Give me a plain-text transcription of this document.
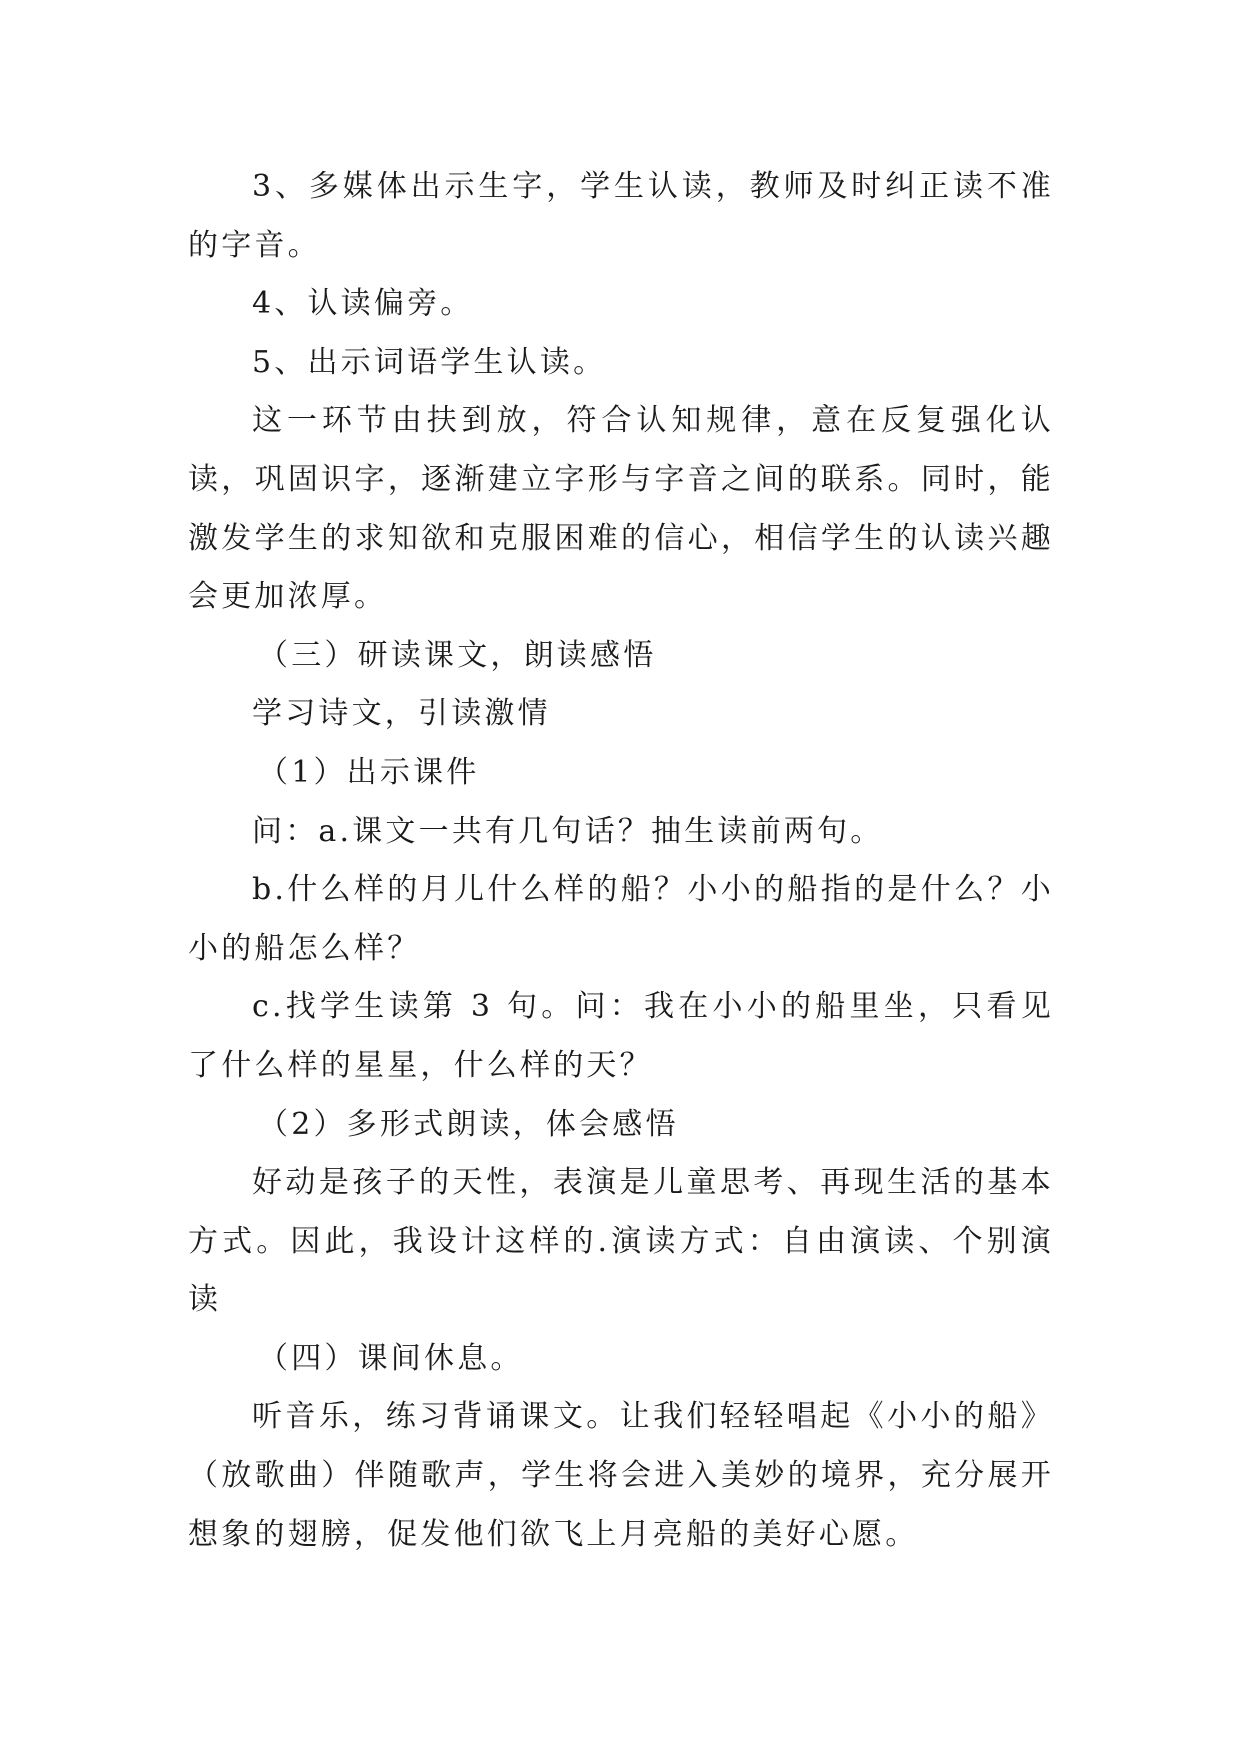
3、多媒体出示生字，学生认读，教师及时纠正读不准的字音。

4、认读偏旁。

5、出示词语学生认读。

这一环节由扶到放，符合认知规律，意在反复强化认读，巩固识字，逐渐建立字形与字音之间的联系。同时，能激发学生的求知欲和克服困难的信心，相信学生的认读兴趣会更加浓厚。

（三）研读课文，朗读感悟

学习诗文，引读激情

（1）出示课件

问：a.课文一共有几句话？抽生读前两句。

b.什么样的月儿什么样的船？小小的船指的是什么？小小的船怎么样？

c.找学生读第 3 句。问：我在小小的船里坐，只看见了什么样的星星，什么样的天？

（2）多形式朗读，体会感悟

好动是孩子的天性，表演是儿童思考、再现生活的基本方式。因此，我设计这样的.演读方式：自由演读、个别演读

（四）课间休息。

听音乐，练习背诵课文。让我们轻轻唱起《小小的船》（放歌曲）伴随歌声，学生将会进入美妙的境界，充分展开想象的翅膀，促发他们欲飞上月亮船的美好心愿。
